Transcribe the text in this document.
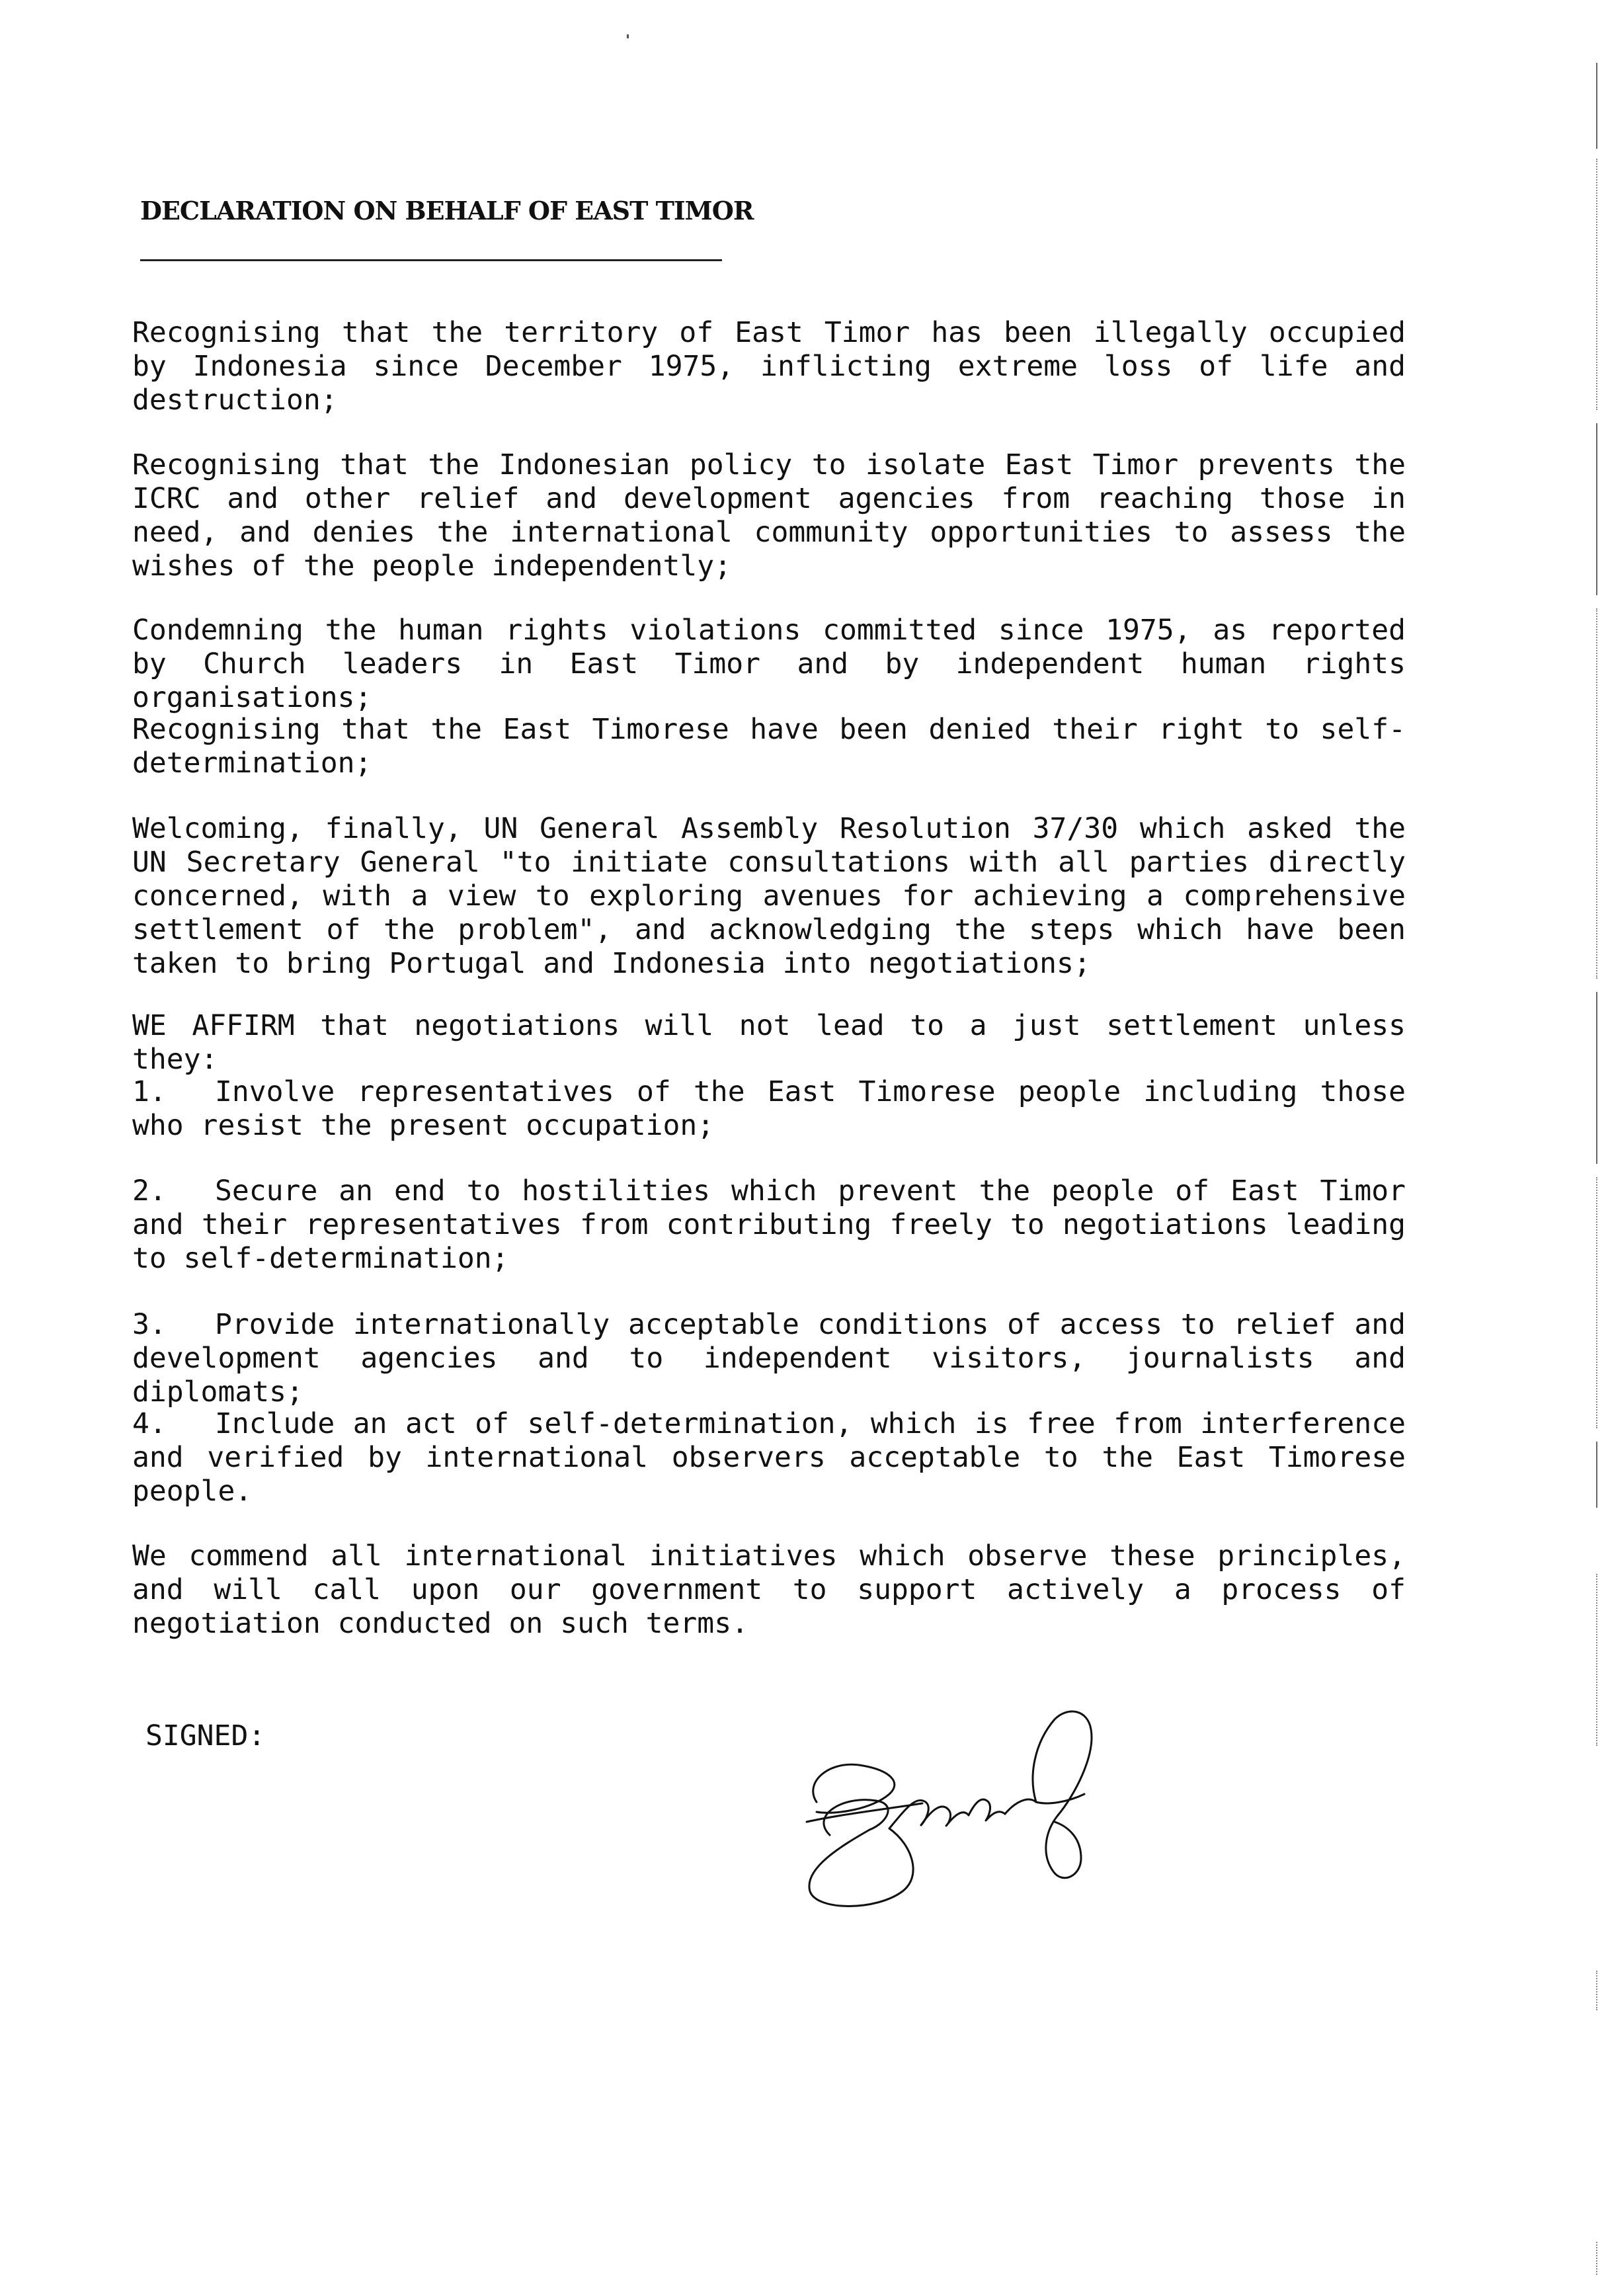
DECLARATION ON BEHALF OF EAST TIMOR

Recognising that the territory of East Timor has been illegally occupied by Indonesia since December 1975, inflicting extreme loss of life and destruction;

Recognising that the Indonesian policy to isolate East Timor prevents the ICRC and other relief and development agencies from reaching those in need, and denies the international community opportunities to assess the wishes of the people independently;

Condemning the human rights violations committed since 1975, as reported by Church leaders in East Timor and by independent human rights organisations;

Recognising that the East Timorese have been denied their right to self-determination;

Welcoming, finally, UN General Assembly Resolution 37/30 which asked the UN Secretary General "to initiate consultations with all parties directly concerned, with a view to exploring avenues for achieving a comprehensive settlement of the problem", and acknowledging the steps which have been taken to bring Portugal and Indonesia into negotiations;

WE AFFIRM that negotiations will not lead to a just settlement unless they:

1. Involve representatives of the East Timorese people including those who resist the present occupation;

2. Secure an end to hostilities which prevent the people of East Timor and their representatives from contributing freely to negotiations leading to self-determination;

3. Provide internationally acceptable conditions of access to relief and development agencies and to independent visitors, journalists and diplomats;

4. Include an act of self-determination, which is free from interference and verified by international observers acceptable to the East Timorese people.

We commend all international initiatives which observe these principles, and will call upon our government to support actively a process of negotiation conducted on such terms.

SIGNED:
